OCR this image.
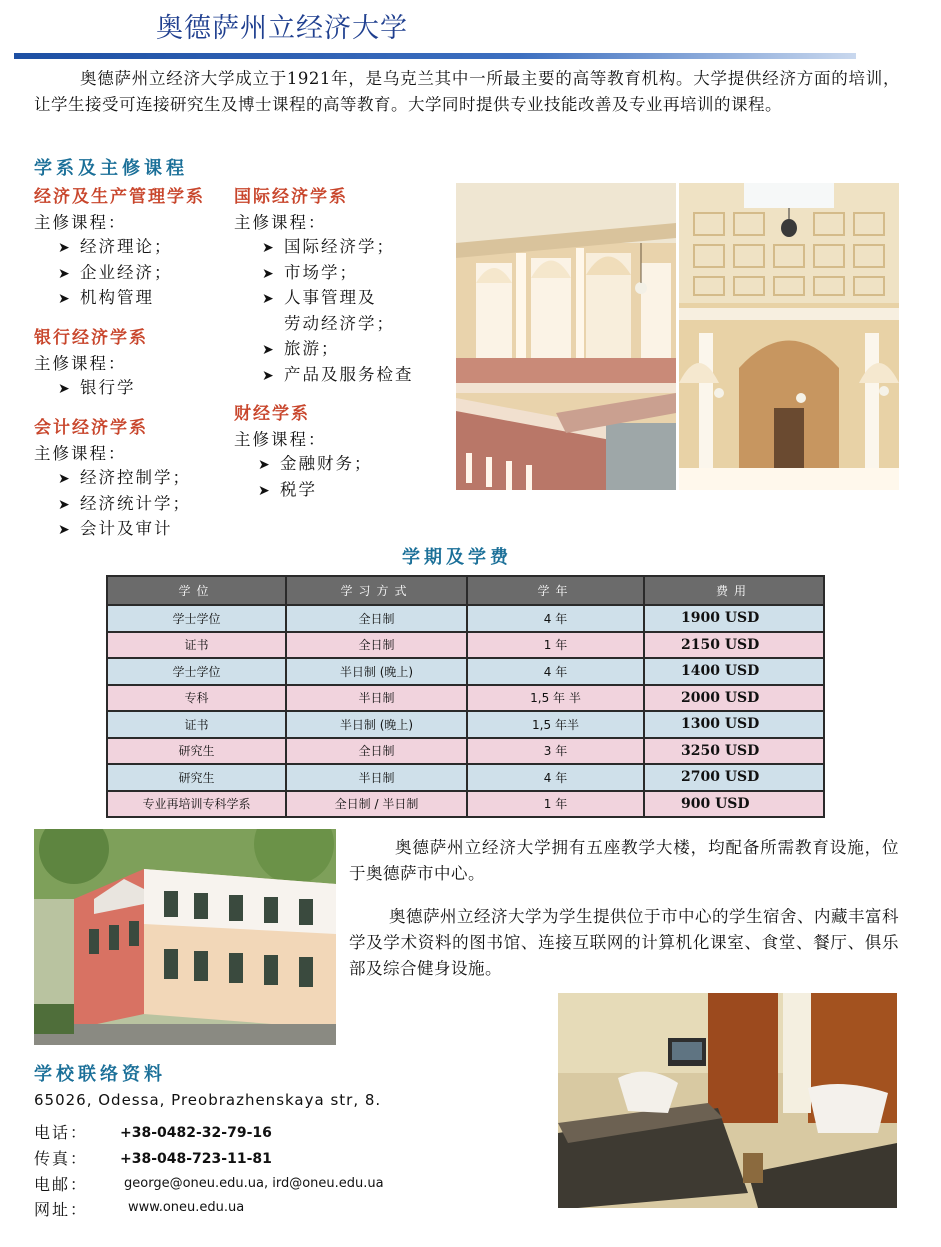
奥德萨州立经济大学
奥德萨州立经济大学成立于1921年，是乌克兰其中一所最主要的高等教育机构。大学提供经济方面的培训，让学生接受可连接研究生及博士课程的高等教育。大学同时提供专业技能改善及专业再培训的课程。
学系及主修课程
经济及生产管理学系
主修课程：
➤ 经济理论；
➤ 企业经济；
➤ 机构管理
银行经济学系
主修课程：
➤ 银行学
会计经济学系
主修课程：
➤ 经济控制学；
➤ 经济统计学；
➤ 会计及审计
国际经济学系
主修课程：
➤ 国际经济学；
➤ 市场学；
➤ 人事管理及
劳动经济学；
➤ 旅游；
➤ 产品及服务检查
财经学系
主修课程：
➤ 金融财务；
➤ 税学
学期及学费
学位	学习方式	学年	费用
学士学位	全日制	4 年	1900 USD
证书	全日制	1 年	2150 USD
学士学位	半日制 (晚上)	4 年	1400 USD
专科	半日制	1,5 年 半	2000 USD
证书	半日制 (晚上)	1,5 年半	1300 USD
研究生	全日制	3 年	3250 USD
研究生	半日制	4 年	2700 USD
专业再培训专科学系	全日制 / 半日制	1 年	900 USD
奥德萨州立经济大学拥有五座教学大楼，均配备所需教育设施，位于奥德萨市中心。
奥德萨州立经济大学为学生提供位于市中心的学生宿舍、内藏丰富科学及学术资料的图书馆、连接互联网的计算机化课室、食堂、餐厅、俱乐部及综合健身设施。
学校联络资料
65026, Odessa, Preobrazhenskaya str, 8.
电话： +38-0482-32-79-16
传真： +38-048-723-11-81
电邮：	george@oneu.edu.ua, ird@oneu.edu.ua
网址：	www.oneu.edu.ua
